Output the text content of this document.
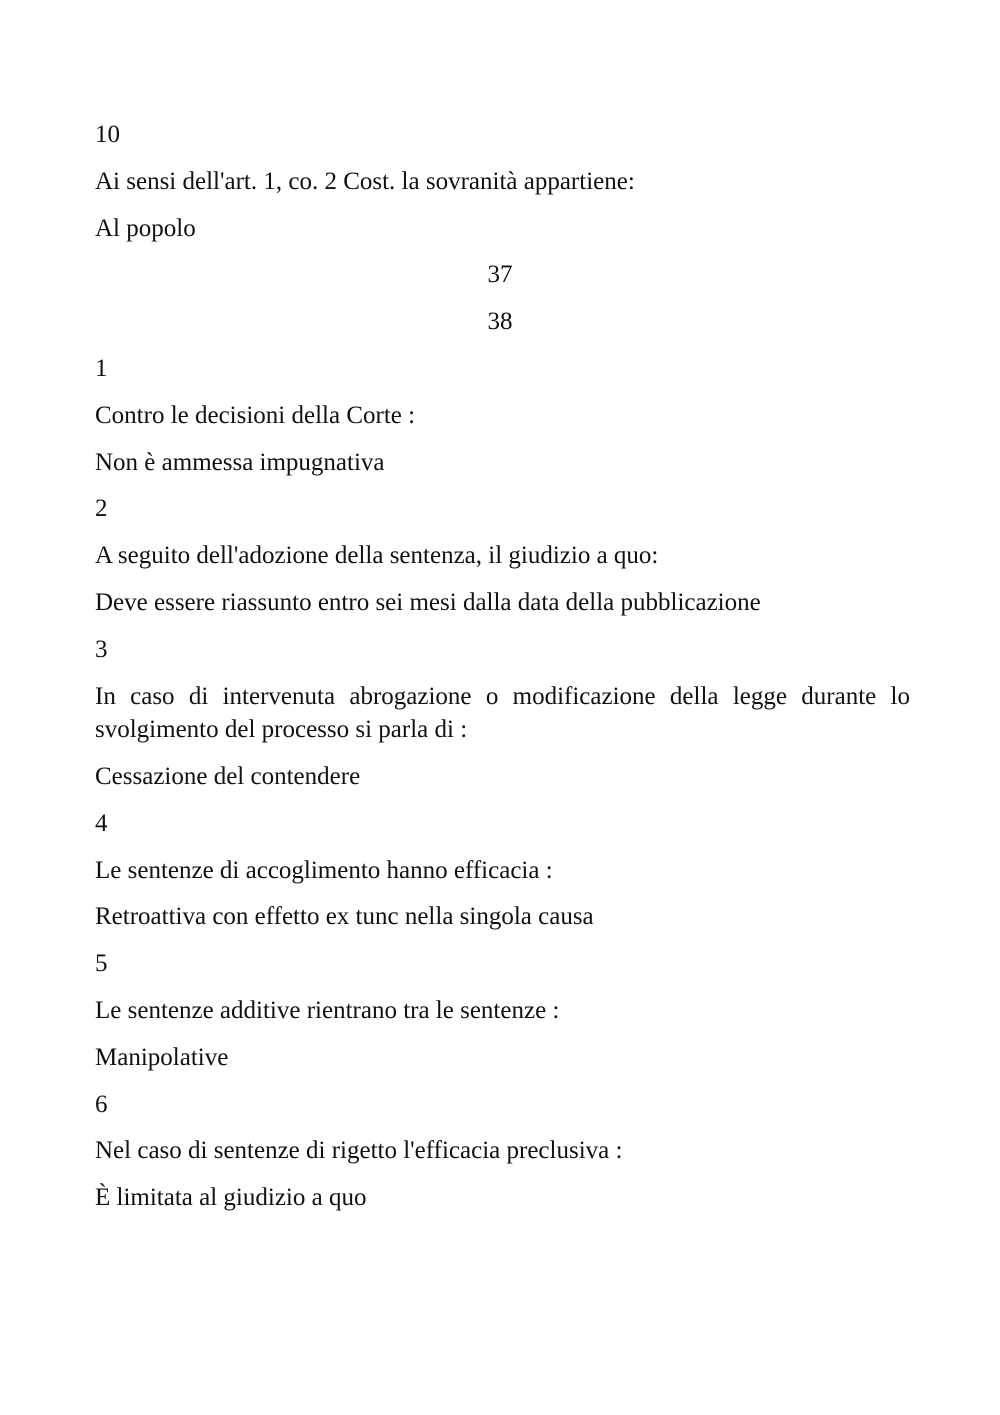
10
Ai sensi dell'art. 1, co. 2 Cost. la sovranità appartiene:
Al popolo
37
38
1
Contro le decisioni della Corte :
Non è ammessa impugnativa
2
A seguito dell'adozione della sentenza, il giudizio a quo:
Deve essere riassunto entro sei mesi dalla data della pubblicazione
3
In caso di intervenuta abrogazione o modificazione della legge durante lo svolgimento del processo si parla di :
Cessazione del contendere
4
Le sentenze di accoglimento hanno efficacia :
Retroattiva con effetto ex tunc nella singola causa
5
Le sentenze additive rientrano tra le sentenze :
Manipolative
6
Nel caso di sentenze di rigetto l'efficacia preclusiva :
È limitata al giudizio a quo
